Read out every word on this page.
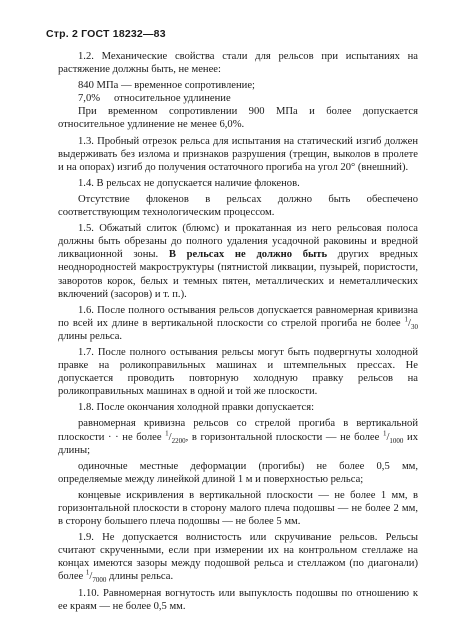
Стр. 2 ГОСТ 18232—83

1.2. Механические свойства стали для рельсов при испытаниях на растяжение должны быть, не менее:

840 МПа — временное сопротивление;

7,0% относительное удлинение

При временном сопротивлении 900 МПа и более допускается относительное удлинение не менее 6,0%.

1.3. Пробный отрезок рельса для испытания на статический изгиб должен выдерживать без излома и признаков разрушения (трещин, выколов в пролете и на опорах) изгиб до получения остаточного прогиба на угол 20° (внешний).

1.4. В рельсах не допускается наличие флокенов.

Отсутствие флокенов в рельсах должно быть обеспечено соответствующим технологическим процессом.

1.5. Обжатый слиток (блюмс) и прокатанная из него рельсовая полоса должны быть обрезаны до полного удаления усадочной раковины и вредной ликвационной зоны. В рельсах не должно быть других вредных неоднородностей макроструктуры (пятнистой ликвации, пузырей, пористости, заворотов корок, белых и темных пятен, металлических и неметаллических включений (засоров) и т. п.).

1.6. После полного остывания рельсов допускается равномерная кривизна по всей их длине в вертикальной плоскости со стрелой прогиба не более $^1/_{30}$ длины рельса.

1.7. После полного остывания рельсы могут быть подвергнуты холодной правке на роликоправильных машинах и штемпельных прессах. Не допускается проводить повторную холодную правку рельсов на роликоправильных машинах в одной и той же плоскости.

1.8. После окончания холодной правки допускается:

равномерная кривизна рельсов со стрелой прогиба в вертикальной плоскости · · не более $^1/_{2200}$, в горизонтальной плоскости — не более $^1/_{1000}$ их длины;

одиночные местные деформации (прогибы) не более 0,5 мм, определяемые между линейкой длиной 1 м и поверхностью рельса;

концевые искривления в вертикальной плоскости — не более 1 мм, в горизонтальной плоскости в сторону малого плеча подошвы — не более 2 мм, в сторону большего плеча подошвы — не более 5 мм.

1.9. Не допускается волнистость или скручивание рельсов. Рельсы считают скрученными, если при измерении их на контрольном стеллаже на концах имеются зазоры между подошвой рельса и стеллажом (по диагонали) более $^1/_{7000}$ длины рельса.

1.10. Равномерная вогнутость или выпуклость подошвы по отношению к ее краям — не более 0,5 мм.
